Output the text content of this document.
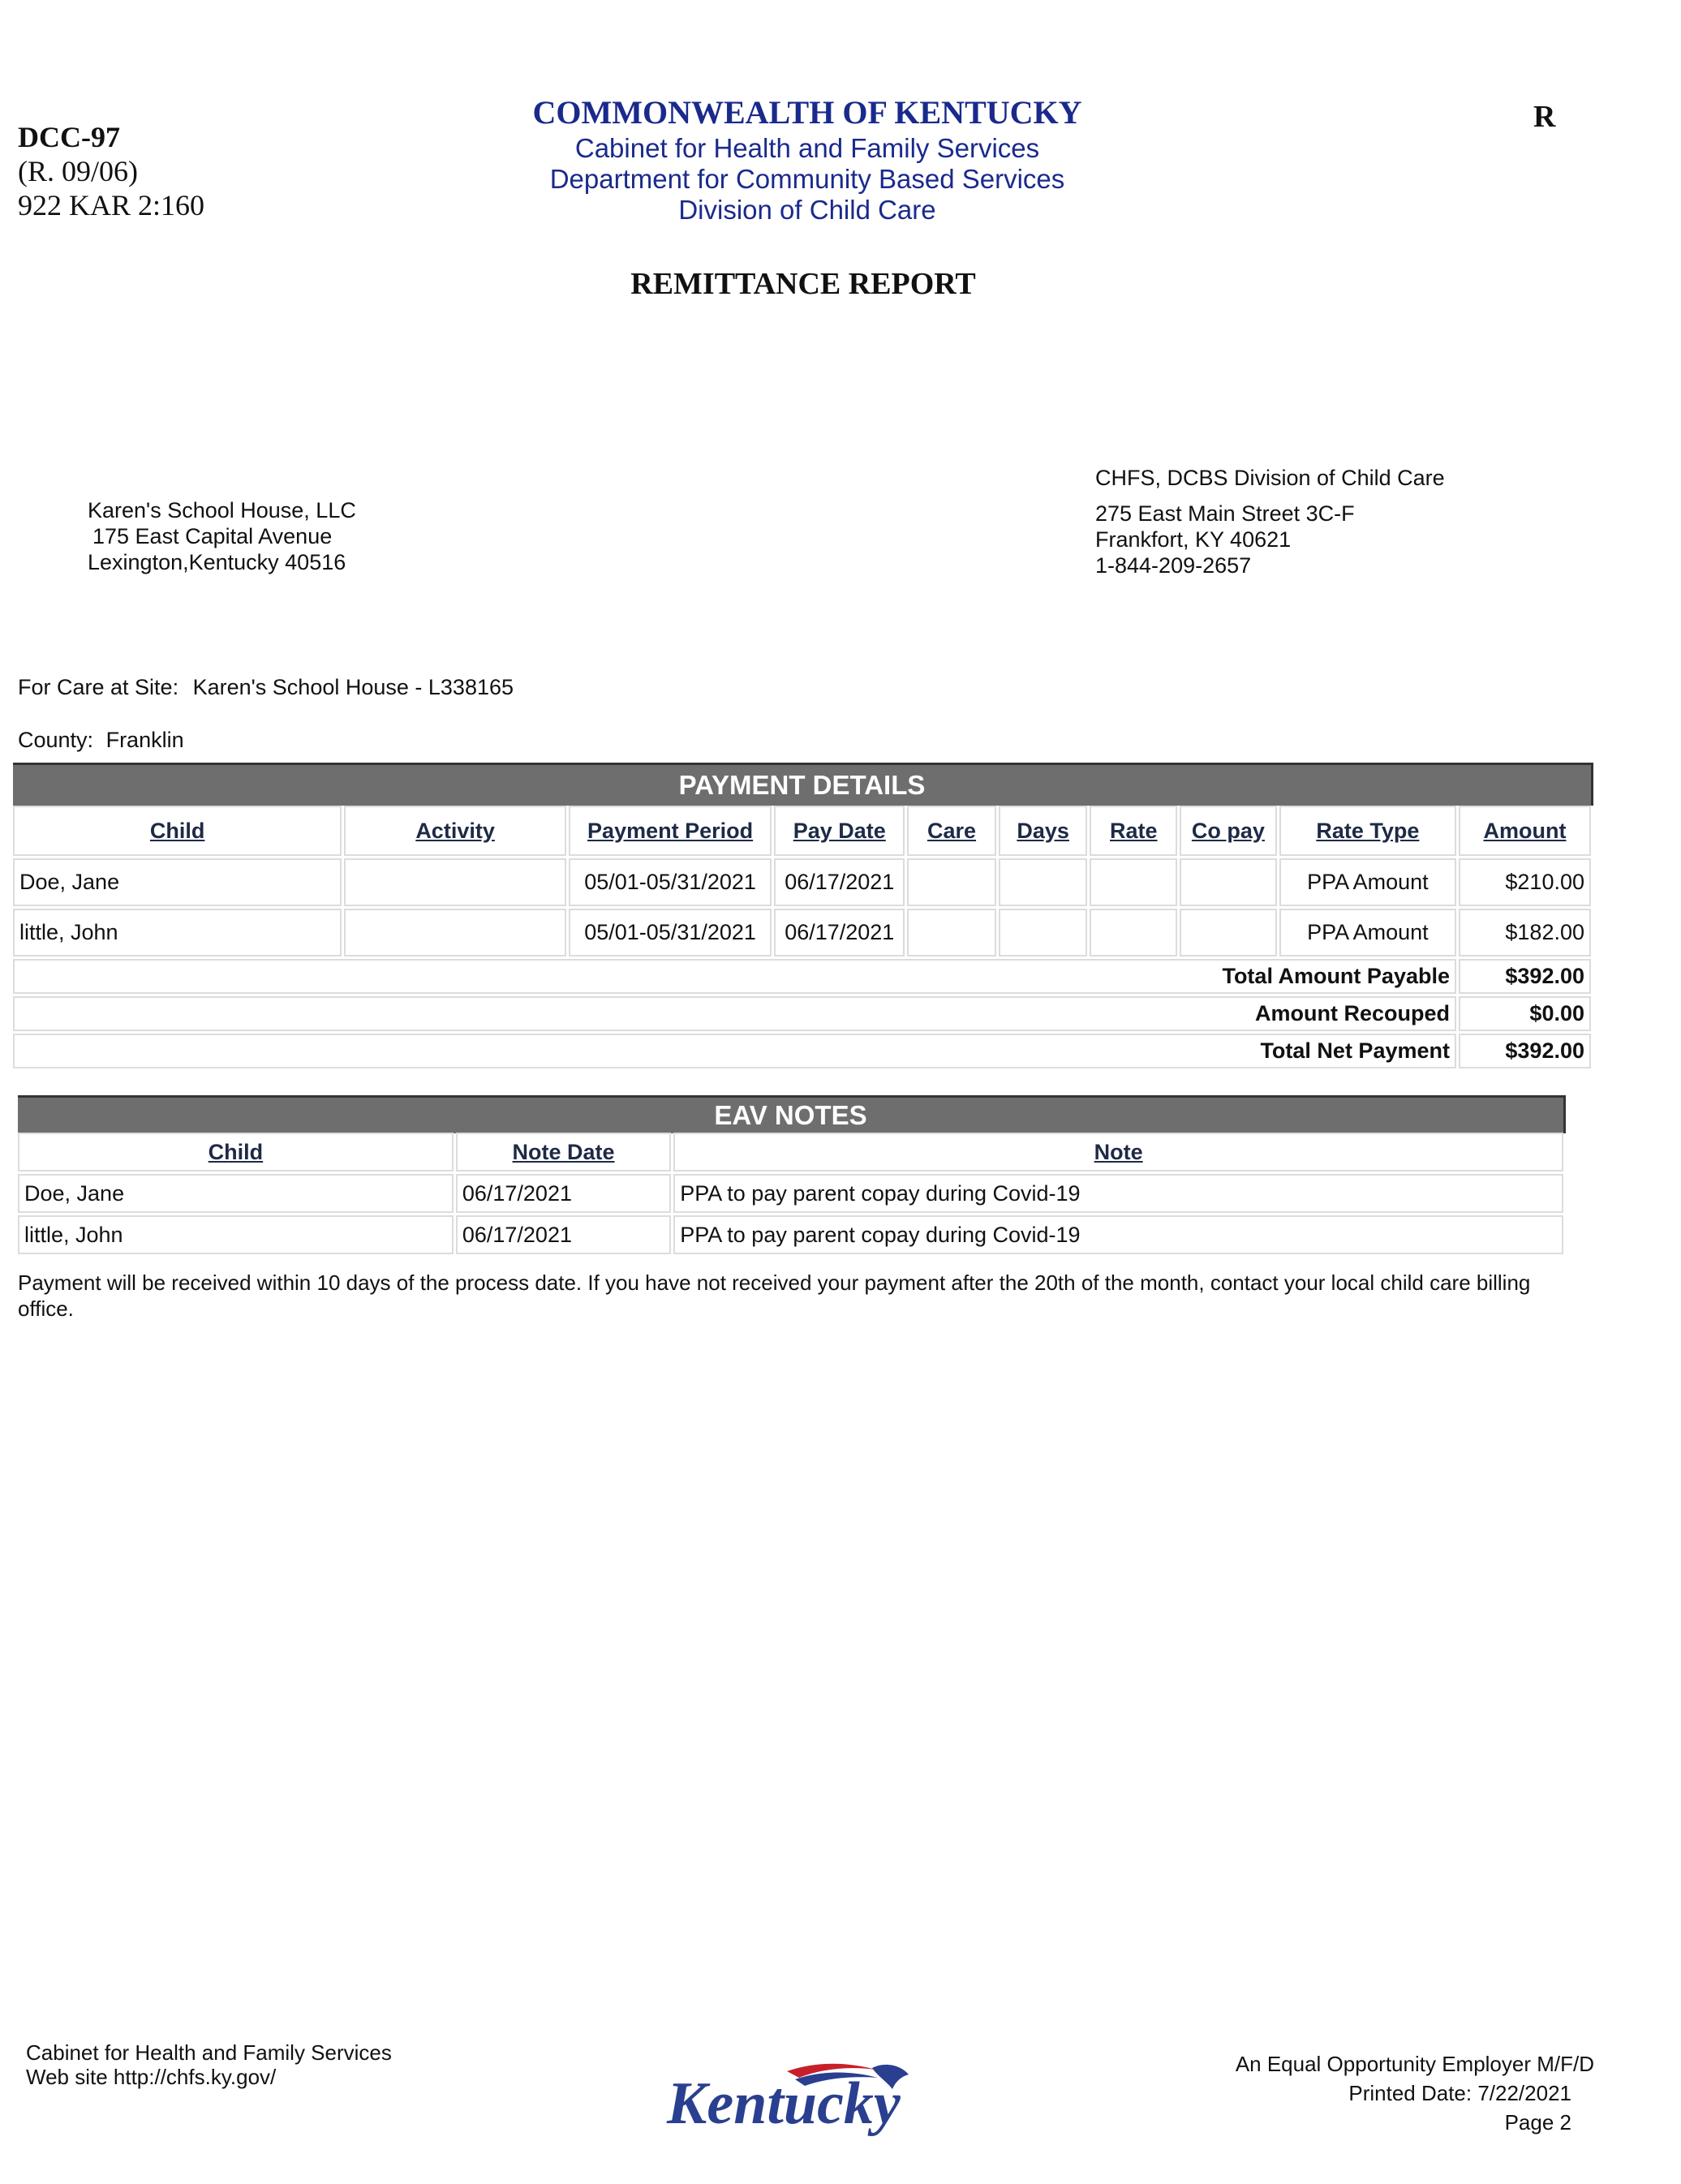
DCC-97
(R. 09/06)
922 KAR 2:160
R
COMMONWEALTH OF KENTUCKY
Cabinet for Health and Family Services
Department for Community Based Services
Division of Child Care
REMITTANCE REPORT
Karen's School House, LLC
175 East Capital Avenue
Lexington,Kentucky 40516
CHFS, DCBS Division of Child Care
275 East Main Street 3C-F
Frankfort, KY 40621
1-844-209-2657
For Care at Site: Karen's School House - L338165
County: Franklin
PAYMENT DETAILS
Child	Activity	Payment Period	Pay Date	Care	Days	Rate	Co pay	Rate Type	Amount
Doe, Jane		05/01-05/31/2021	06/17/2021					PPA Amount	$210.00
little, John		05/01-05/31/2021	06/17/2021					PPA Amount	$182.00
Total Amount Payable									$392.00
Amount Recouped									$0.00
Total Net Payment									$392.00
EAV NOTES
Child	Note Date	Note
Doe, Jane	06/17/2021	PPA to pay parent copay during Covid-19
little, John	06/17/2021	PPA to pay parent copay during Covid-19
Payment will be received within 10 days of the process date. If you have not received your payment after the 20th of the month, contact your local child care billing office.
Cabinet for Health and Family Services
Web site http://chfs.ky.gov/	Kentucky
An Equal Opportunity Employer M/F/D
Printed Date: 7/22/2021
Page 2
